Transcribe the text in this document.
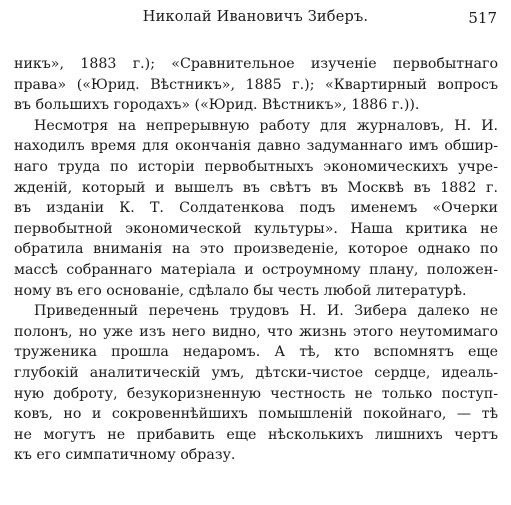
Николай Ивановичъ Зиберъ.	517
никъ», 1883 г.); «Сравнительное изученіе первобытнаго
права» («Юрид. Вѣстникъ», 1885 г.); «Квартирный вопросъ
въ большихъ городахъ» («Юрид. Вѣстникъ», 1886 г.)).
Несмотря на непрерывную работу для журналовъ, Н. И.
находилъ время для окончанія давно задуманнаго имъ обшир-
наго труда по исторіи первобытныхъ экономическихъ учре-
жденій, который и вышелъ въ свѣтъ въ Москвѣ въ 1882 г.
въ изданіи К. Т. Солдатенкова подъ именемъ «Очерки
первобытной экономической культуры». Наша критика не
обратила вниманія на это произведеніе, которое однако по
массѣ собраннаго матеріала и остроумному плану, положен-
ному въ его основаніе, сдѣлало бы честь любой литературѣ.
Приведенный перечень трудовъ Н. И. Зибера далеко не
полонъ, но уже изъ него видно, что жизнь этого неутомимаго
труженика прошла недаромъ. А тѣ, кто вспомнятъ еще
глубокій аналитическій умъ, дѣтски-чистое сердце, идеаль-
ную доброту, безукоризненную честность не только поступ-
ковъ, но и сокровеннѣйшихъ помышленій покойнаго, — тѣ
не могутъ не прибавить еще нѣсколькихъ лишнихъ чертъ
къ его симпатичному образу.
